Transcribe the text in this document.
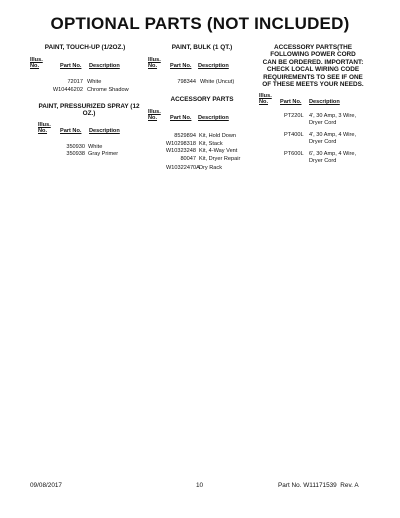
OPTIONAL PARTS (NOT INCLUDED)
PAINT, TOUCH-UP (1/2OZ.)
Illus.
No.	Part No. Description
72017 White
W10446202 Chrome Shadow
PAINT, PRESSURIZED SPRAY (12
OZ.)
Illus.
No.	Part No. Description
350930 White
350938 Gray Primer
PAINT, BULK (1 QT.)
Illus.
No.	Part No. Description
798344 White (Uncut)
ACCESSORY PARTS
Illus.
No.	Part No. Description
8529894 Kit, Hold Down
W10298318 Kit, Stack
W10323248 Kit, 4-Way Vent
80047 Kit, Dryer Repair
W10322470A Dry Rack
ACCESSORY PARTS(THE
FOLLOWING POWER CORD
CAN BE ORDERED. IMPORTANT:
CHECK LOCAL WIRING CODE
REQUIREMENTS TO SEE IF ONE
OF THESE MEETS YOUR NEEDS.
Illus.
No.	Part No. Description
PT220L 4', 30 Amp, 3 Wire,
Dryer Cord
PT400L 4', 30 Amp, 4 Wire,
Dryer Cord
PT600L 6', 30 Amp, 4 Wire,
Dryer Cord
09/08/2017	10	Part No. W11171539 Rev. A
